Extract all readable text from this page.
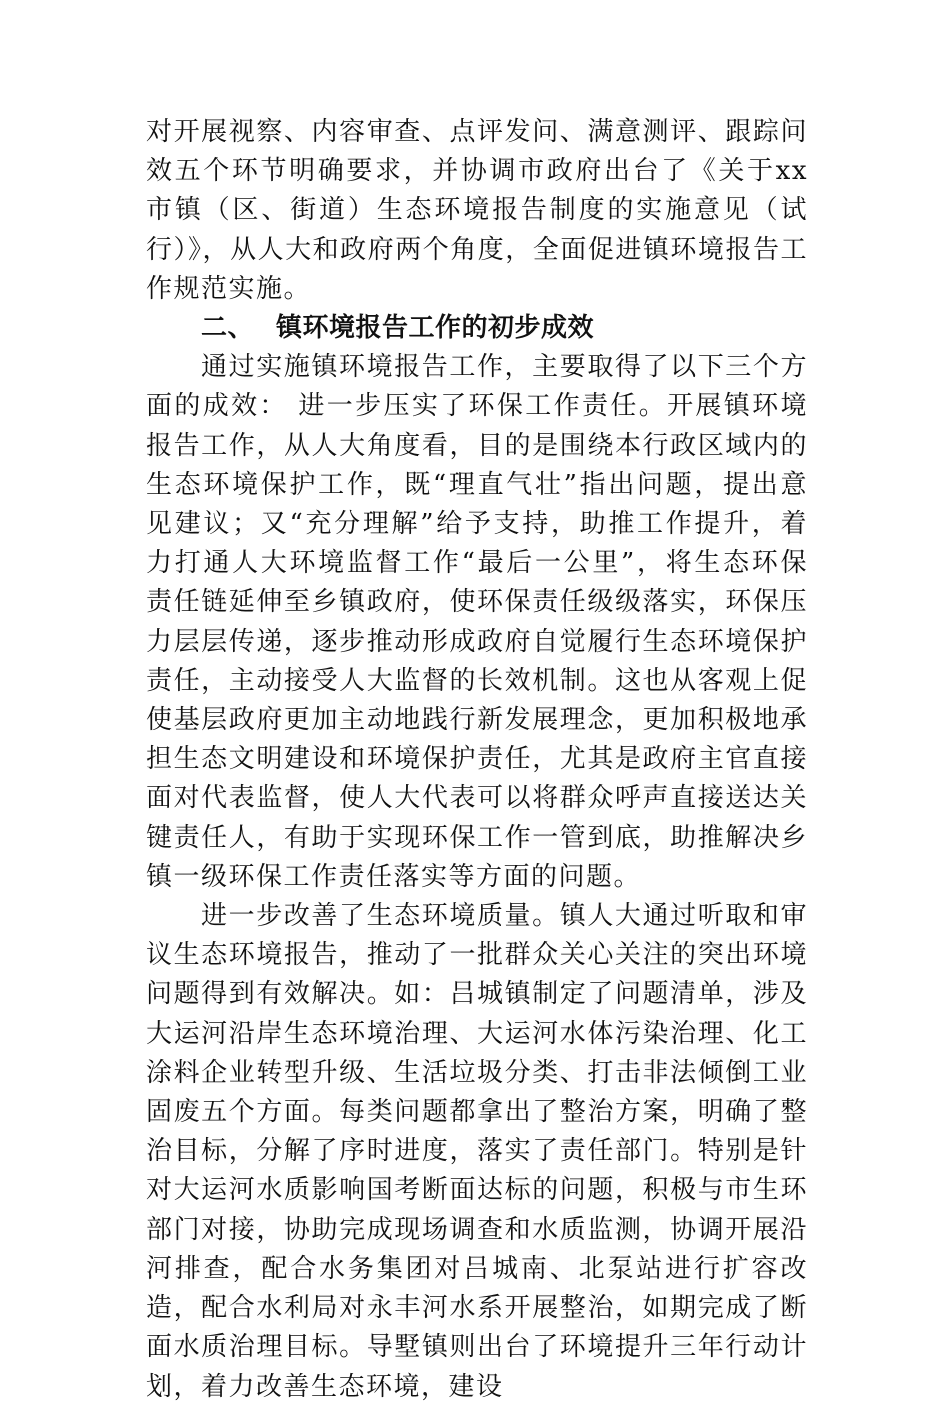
对开展视察、内容审查、点评发问、满意测评、跟踪问效五个环节明确要求，并协调市政府出台了《关于xx市镇（区、街道）生态环境报告制度的实施意见（试行）》，从人大和政府两个角度，全面促进镇环境报告工作规范实施。

二、 镇环境报告工作的初步成效

通过实施镇环境报告工作，主要取得了以下三个方面的成效： 进一步压实了环保工作责任。开展镇环境报告工作，从人大角度看，目的是围绕本行政区域内的生态环境保护工作，既“理直气壮”指出问题，提出意见建议；又“充分理解”给予支持，助推工作提升，着力打通人大环境监督工作“最后一公里”，将生态环保责任链延伸至乡镇政府，使环保责任级级落实，环保压力层层传递，逐步推动形成政府自觉履行生态环境保护责任，主动接受人大监督的长效机制。这也从客观上促使基层政府更加主动地践行新发展理念，更加积极地承担生态文明建设和环境保护责任，尤其是政府主官直接面对代表监督，使人大代表可以将群众呼声直接送达关键责任人，有助于实现环保工作一管到底，助推解决乡镇一级环保工作责任落实等方面的问题。

进一步改善了生态环境质量。镇人大通过听取和审议生态环境报告，推动了一批群众关心关注的突出环境问题得到有效解决。如：吕城镇制定了问题清单，涉及大运河沿岸生态环境治理、大运河水体污染治理、化工涂料企业转型升级、生活垃圾分类、打击非法倾倒工业固废五个方面。每类问题都拿出了整治方案，明确了整治目标，分解了序时进度，落实了责任部门。特别是针对大运河水质影响国考断面达标的问题，积极与市生环部门对接，协助完成现场调查和水质监测，协调开展沿河排查，配合水务集团对吕城南、北泵站进行扩容改造，配合水利局对永丰河水系开展整治，如期完成了断面水质治理目标。导墅镇则出台了环境提升三年行动计划，着力改善生态环境，建设
